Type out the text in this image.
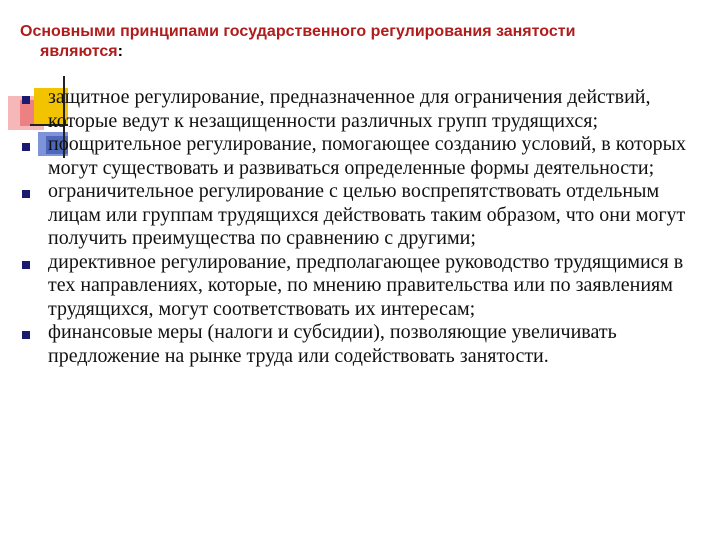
Основными принципами государственного регулирования занятости
являются:
защитное регулирование, предназначенное для ограничения действий, которые ведут к незащищенности различных групп трудящихся;
поощрительное регулирование, помогающее созданию условий, в которых могут существовать и развиваться определенные формы деятельности;
ограничительное регулирование с целью воспрепятствовать отдельным лицам или группам трудящихся действовать таким образом, что они могут получить преимущества по сравнению с другими;
директивное регулирование, предполагающее руководство трудящимися в тех направлениях, которые, по мнению правительства или по заявлениям трудящихся, могут соответствовать их интересам;
финансовые меры (налоги и субсидии), позволяющие увеличивать предложение на рынке труда или содействовать занятости.
